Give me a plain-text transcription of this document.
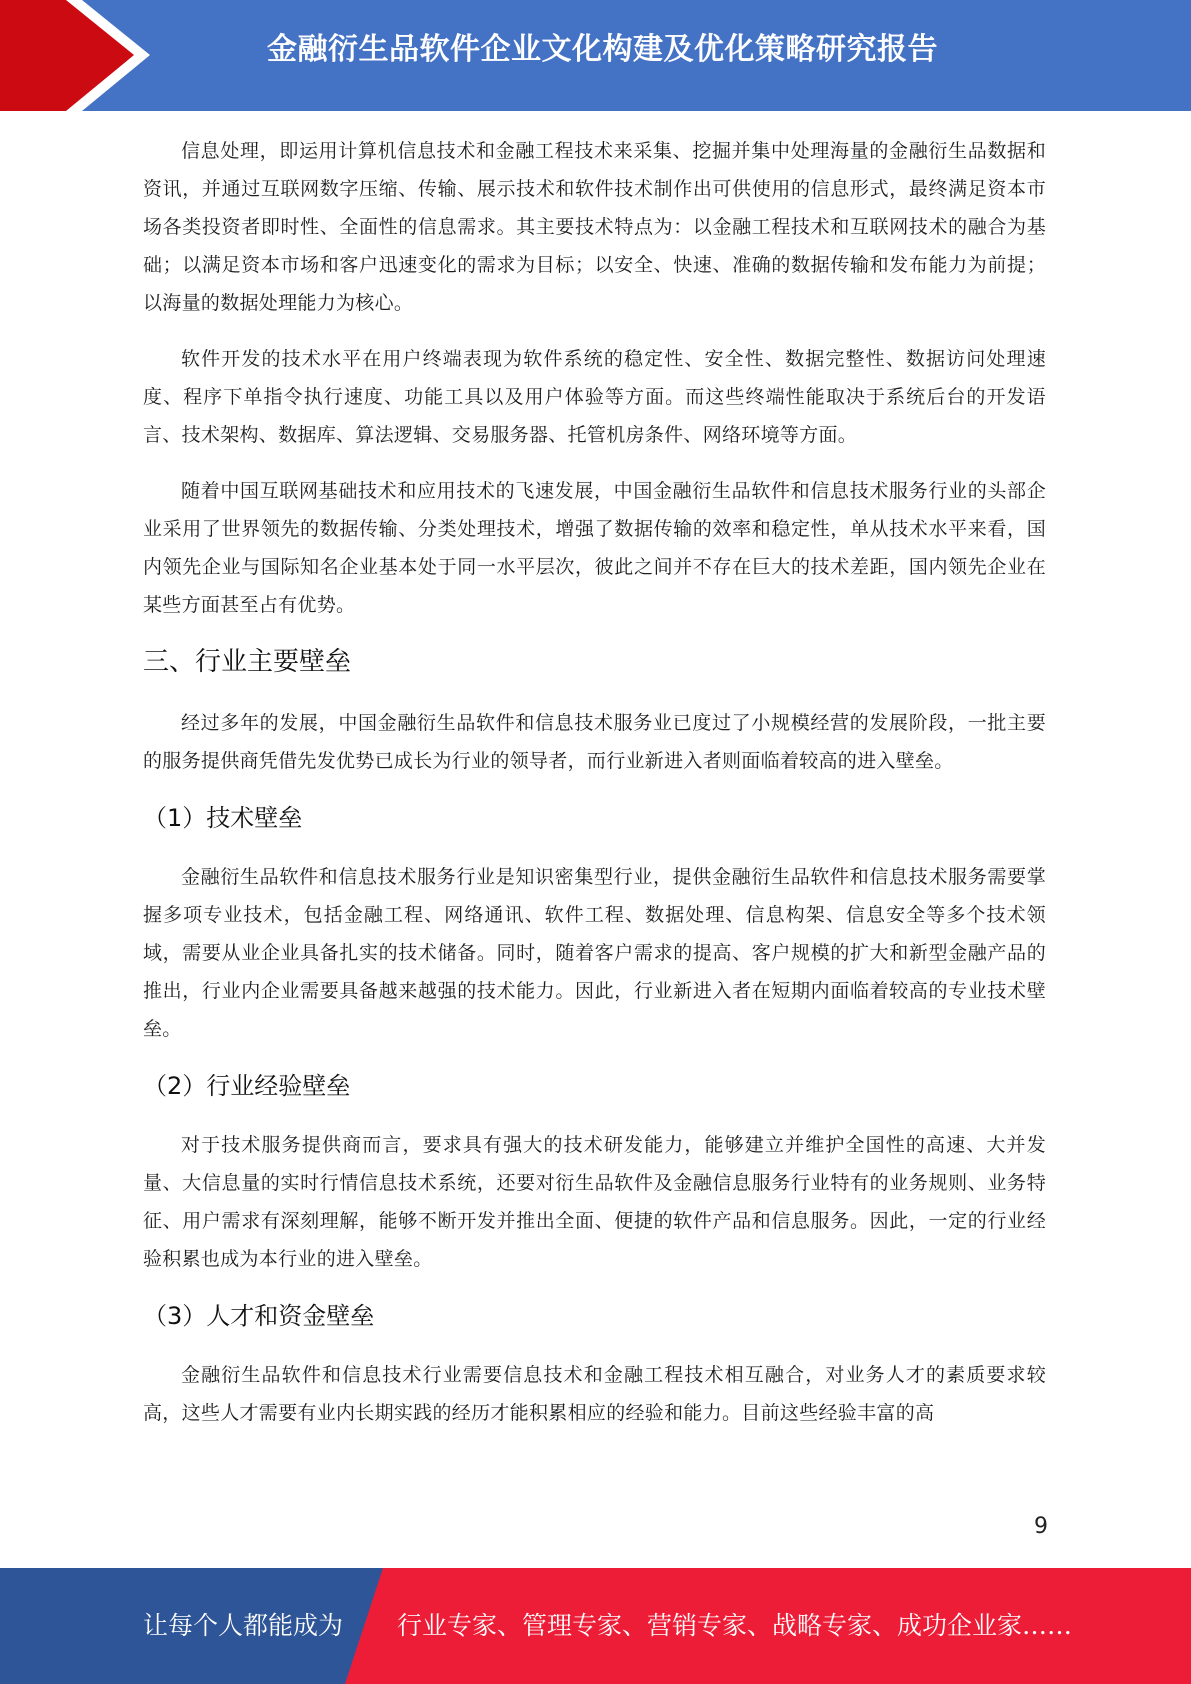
金融衍生品软件企业文化构建及优化策略研究报告

信息处理，即运用计算机信息技术和金融工程技术来采集、挖掘并集中处理海量的金融衍生品数据和资讯，并通过互联网数字压缩、传输、展示技术和软件技术制作出可供使用的信息形式，最终满足资本市场各类投资者即时性、全面性的信息需求。其主要技术特点为：以金融工程技术和互联网技术的融合为基础；以满足资本市场和客户迅速变化的需求为目标；以安全、快速、准确的数据传输和发布能力为前提；以海量的数据处理能力为核心。

软件开发的技术水平在用户终端表现为软件系统的稳定性、安全性、数据完整性、数据访问处理速度、程序下单指令执行速度、功能工具以及用户体验等方面。而这些终端性能取决于系统后台的开发语言、技术架构、数据库、算法逻辑、交易服务器、托管机房条件、网络环境等方面。

随着中国互联网基础技术和应用技术的飞速发展，中国金融衍生品软件和信息技术服务行业的头部企业采用了世界领先的数据传输、分类处理技术，增强了数据传输的效率和稳定性，单从技术水平来看，国内领先企业与国际知名企业基本处于同一水平层次，彼此之间并不存在巨大的技术差距，国内领先企业在某些方面甚至占有优势。

三、行业主要壁垒

经过多年的发展，中国金融衍生品软件和信息技术服务业已度过了小规模经营的发展阶段，一批主要的服务提供商凭借先发优势已成长为行业的领导者，而行业新进入者则面临着较高的进入壁垒。

（1）技术壁垒

金融衍生品软件和信息技术服务行业是知识密集型行业，提供金融衍生品软件和信息技术服务需要掌握多项专业技术，包括金融工程、网络通讯、软件工程、数据处理、信息构架、信息安全等多个技术领域，需要从业企业具备扎实的技术储备。同时，随着客户需求的提高、客户规模的扩大和新型金融产品的推出，行业内企业需要具备越来越强的技术能力。因此，行业新进入者在短期内面临着较高的专业技术壁垒。

（2）行业经验壁垒

对于技术服务提供商而言，要求具有强大的技术研发能力，能够建立并维护全国性的高速、大并发量、大信息量的实时行情信息技术系统，还要对衍生品软件及金融信息服务行业特有的业务规则、业务特征、用户需求有深刻理解，能够不断开发并推出全面、便捷的软件产品和信息服务。因此，一定的行业经验积累也成为本行业的进入壁垒。

（3）人才和资金壁垒

金融衍生品软件和信息技术行业需要信息技术和金融工程技术相互融合，对业务人才的素质要求较高，这些人才需要有业内长期实践的经历才能积累相应的经验和能力。目前这些经验丰富的高

9
让每个人都能成为 行业专家、管理专家、营销专家、战略专家、成功企业家……
